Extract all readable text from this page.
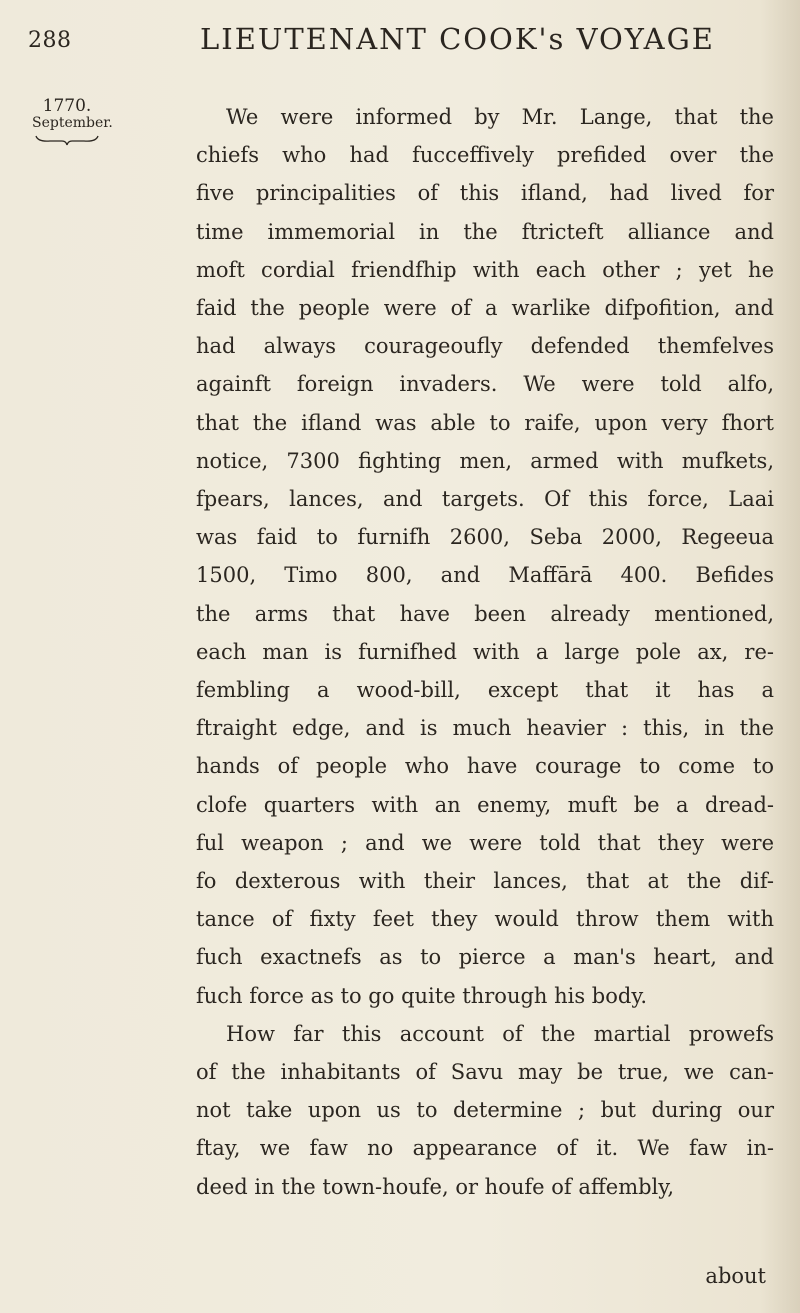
288	LIEUTENANT COOK's VOYAGE
1770.
September.	We were informed by Mr. Lange, that the
chiefs who had fucceffively prefided over the
five principalities of this ifland, had lived for
time immemorial in the ftricteft alliance and
moft cordial friendfhip with each other ; yet he
faid the people were of a warlike difpofition, and
had always courageoufly defended themfelves
againft foreign invaders. We were told alfo,
that the ifland was able to raife, upon very fhort
notice, 7300 fighting men, armed with mufkets,
fpears, lances, and targets. Of this force, Laai
was faid to furnifh 2600, Seba 2000, Regeeua
1500, Timo 800, and Maffārā 400. Befides
the arms that have been already mentioned,
each man is furnifhed with a large pole ax, re-
fembling a wood-bill, except that it has a
ftraight edge, and is much heavier : this, in the
hands of people who have courage to come to
clofe quarters with an enemy, muft be a dread-
ful weapon ; and we were told that they were
fo dexterous with their lances, that at the dif-
tance of fixty feet they would throw them with
fuch exactnefs as to pierce a man's heart, and
fuch force as to go quite through his body.
How far this account of the martial prowefs
of the inhabitants of Savu may be true, we can-
not take upon us to determine ; but during our
ftay, we faw no appearance of it. We faw in-
deed in the town-houfe, or houfe of affembly,
about
